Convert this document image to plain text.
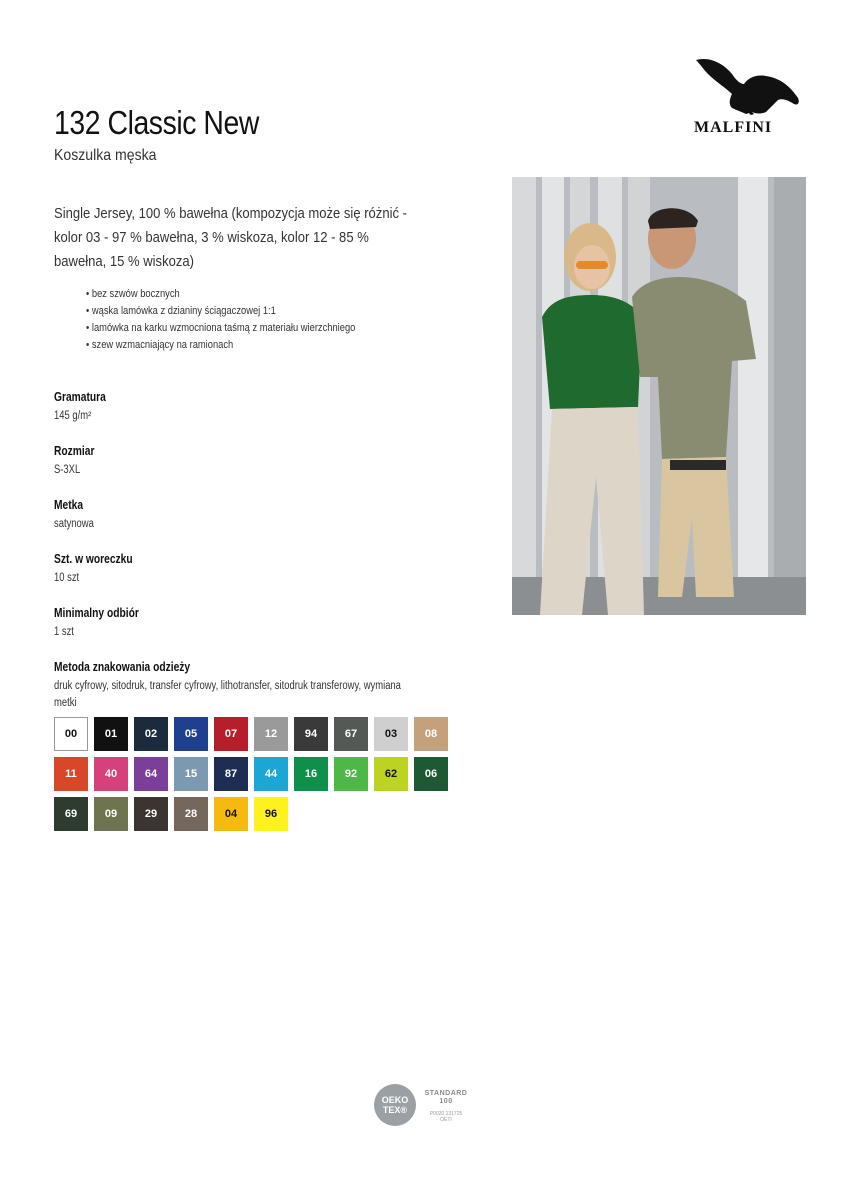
132 Classic New
Koszulka męska
MALFINI
Single Jersey, 100 % bawełna (kompozycja może się różnić - kolor 03 - 97 % bawełna, 3 % wiskoza, kolor 12 - 85 % bawełna, 15 % wiskoza)
• bez szwów bocznych
• wąska lamówka z dzianiny ściągaczowej 1:1
• lamówka na karku wzmocniona taśmą z materiału wierzchniego
• szew wzmacniający na ramionach
Gramatura
145 g/m²
Rozmiar
S-3XL
Metka
satynowa
Szt. w woreczku
10 szt
Minimalny odbiór
1 szt
Metoda znakowania odzieży
druk cyfrowy, sitodruk, transfer cyfrowy, lithotransfer, sitodruk transferowy, wymiana metki
00	01	02	05	07	12	94	67	03	08
11	40	64	15	87	44	16	92	62	06
69	09	29	28	04	96
OEKO
TEX®
STANDARD
100
P0020 131725
OETI
